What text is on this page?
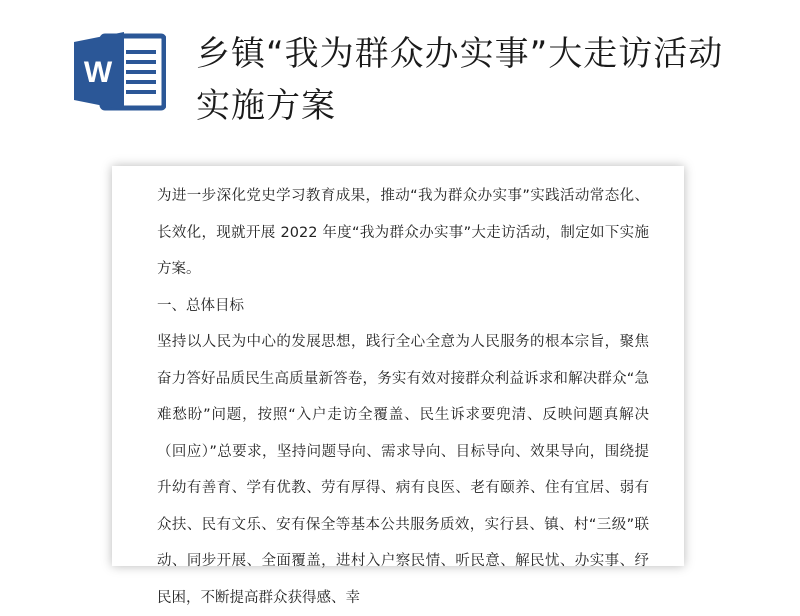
W 乡镇“我为群众办实事”大走访活动实施方案

为进一步深化党史学习教育成果，推动“我为群众办实事”实践活动常态化、长效化，现就开展 2022 年度“我为群众办实事”大走访活动，制定如下实施方案。

一、总体目标

坚持以人民为中心的发展思想，践行全心全意为人民服务的根本宗旨，聚焦奋力答好品质民生高质量新答卷，务实有效对接群众利益诉求和解决群众“急难愁盼”问题，按照“入户走访全覆盖、民生诉求要兜清、反映问题真解决（回应）”总要求，坚持问题导向、需求导向、目标导向、效果导向，围绕提升幼有善育、学有优教、劳有厚得、病有良医、老有颐养、住有宜居、弱有众扶、民有文乐、安有保全等基本公共服务质效，实行县、镇、村“三级”联动、同步开展、全面覆盖，进村入户察民情、听民意、解民忧、办实事、纾民困，不断提高群众获得感、幸
